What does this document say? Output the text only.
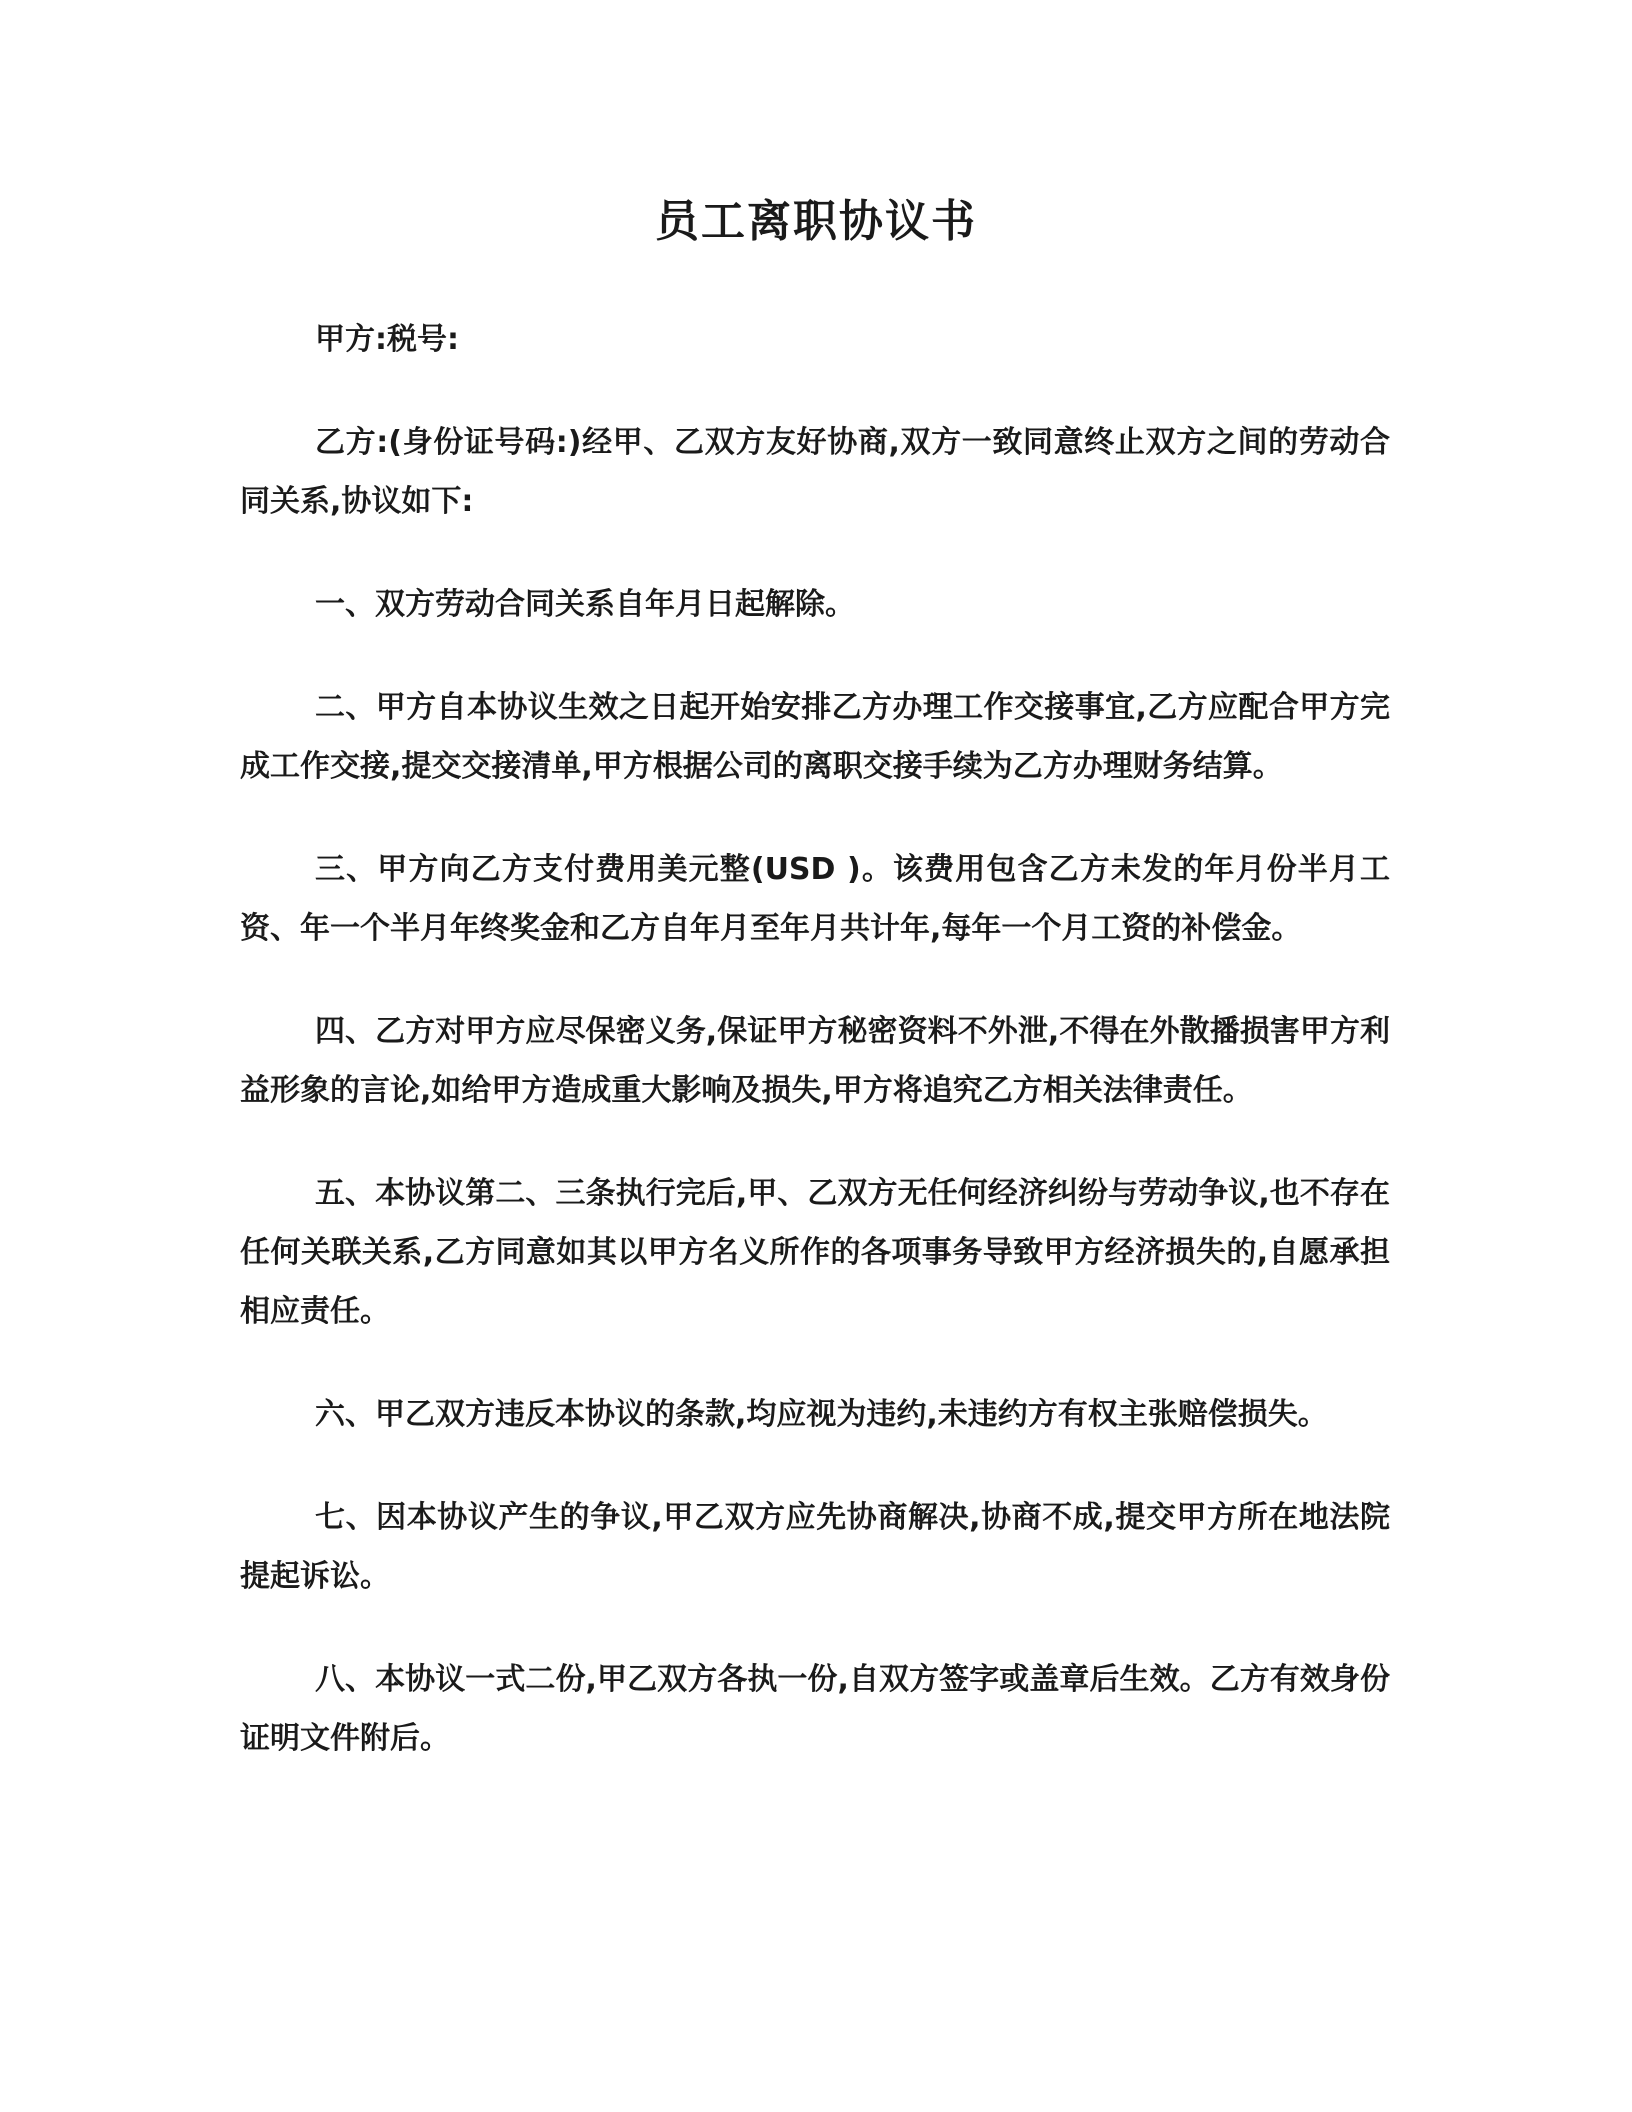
员工离职协议书

甲方:税号:

乙方:(身份证号码:)经甲、乙双方友好协商,双方一致同意终止双方之间的劳动合同关系,协议如下:

一、双方劳动合同关系自年月日起解除。

二、甲方自本协议生效之日起开始安排乙方办理工作交接事宜,乙方应配合甲方完成工作交接,提交交接清单,甲方根据公司的离职交接手续为乙方办理财务结算。

三、甲方向乙方支付费用美元整(USD )。该费用包含乙方未发的年月份半月工资、年一个半月年终奖金和乙方自年月至年月共计年,每年一个月工资的补偿金。

四、乙方对甲方应尽保密义务,保证甲方秘密资料不外泄,不得在外散播损害甲方利益形象的言论,如给甲方造成重大影响及损失,甲方将追究乙方相关法律责任。

五、本协议第二、三条执行完后,甲、乙双方无任何经济纠纷与劳动争议,也不存在任何关联关系,乙方同意如其以甲方名义所作的各项事务导致甲方经济损失的,自愿承担相应责任。

六、甲乙双方违反本协议的条款,均应视为违约,未违约方有权主张赔偿损失。

七、因本协议产生的争议,甲乙双方应先协商解决,协商不成,提交甲方所在地法院提起诉讼。

八、本协议一式二份,甲乙双方各执一份,自双方签字或盖章后生效。乙方有效身份证明文件附后。
